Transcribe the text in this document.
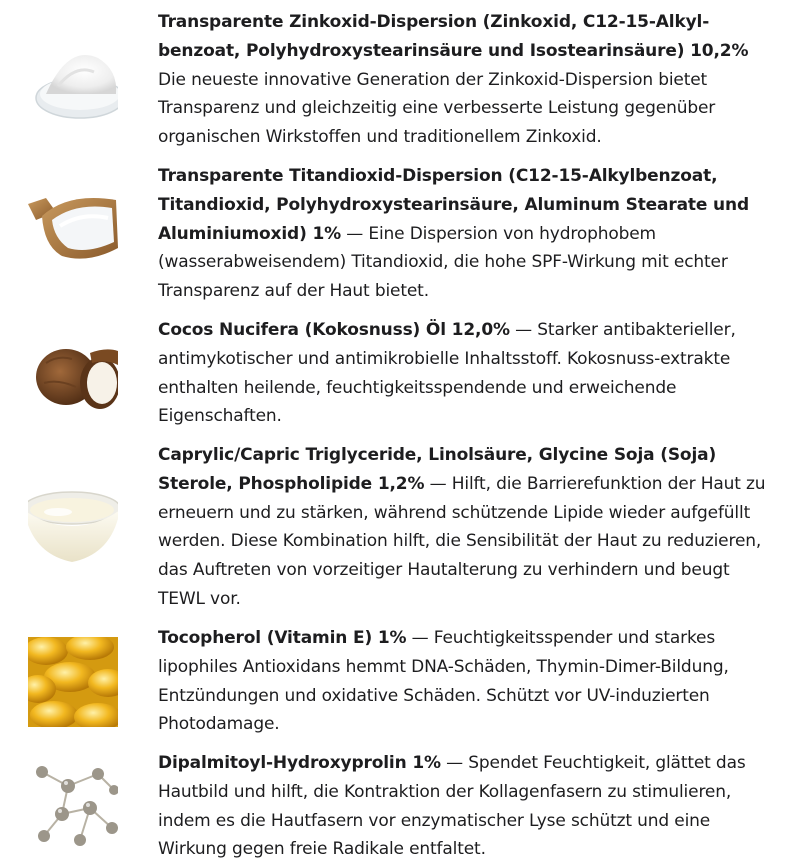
Transparente Zinkoxid-Dispersion (Zinkoxid, C12-15-Alkyl-benzoat, Polyhydroxystearinsäure und Isostearinsäure) 10,2%
Die neueste innovative Generation der Zinkoxid-Dispersion bietet Transparenz und gleichzeitig eine verbesserte Leistung gegenüber organischen Wirkstoffen und traditionellem Zinkoxid.
Transparente Titandioxid-Dispersion (C12-15-Alkylbenzoat, Titandioxid, Polyhydroxystearinsäure, Aluminum Stearate und Aluminiumoxid) 1% — Eine Dispersion von hydrophobem (wasserabweisendem) Titandioxid, die hohe SPF-Wirkung mit echter Transparenz auf der Haut bietet.
Cocos Nucifera (Kokosnuss) Öl 12,0% — Starker antibakterieller, antimykotischer und antimikrobielle Inhaltsstoff. Kokosnuss-extrakte enthalten heilende, feuchtigkeitsspendende und erweichende Eigenschaften.
Caprylic/Capric Triglyceride, Linolsäure, Glycine Soja (Soja) Sterole, Phospholipide 1,2% — Hilft, die Barrierefunktion der Haut zu erneuern und zu stärken, während schützende Lipide wieder aufgefüllt werden. Diese Kombination hilft, die Sensibilität der Haut zu reduzieren, das Auftreten von vorzeitiger Hautalterung zu verhindern und beugt TEWL vor.
Tocopherol (Vitamin E) 1% — Feuchtigkeitsspender und starkes lipophiles Antioxidans hemmt DNA-Schäden, Thymin-Dimer-Bildung, Entzündungen und oxidative Schäden. Schützt vor UV-induzierten Photodamage.
Dipalmitoyl-Hydroxyprolin 1% — Spendet Feuchtigkeit, glättet das Hautbild und hilft, die Kontraktion der Kollagenfasern zu stimulieren, indem es die Hautfasern vor enzymatischer Lyse schützt und eine Wirkung gegen freie Radikale entfaltet.
